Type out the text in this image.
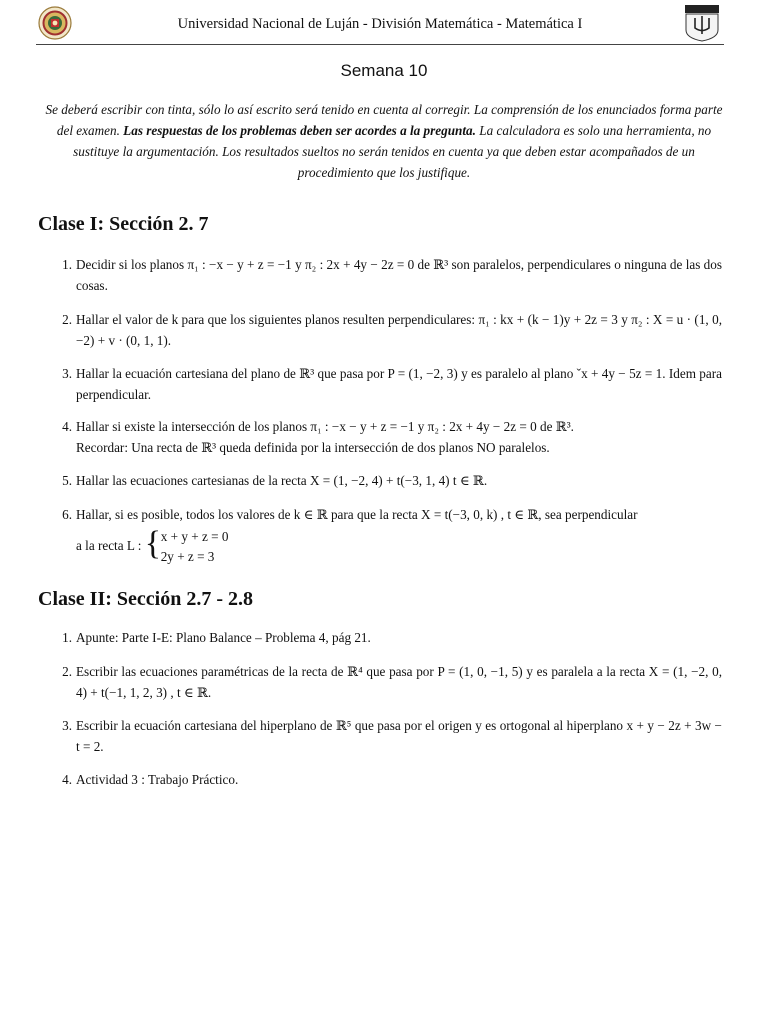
Universidad Nacional de Luján - División Matemática - Matemática I
Semana 10
Se deberá escribir con tinta, sólo lo así escrito será tenido en cuenta al corregir. La comprensión de los enunciados forma parte del examen. Las respuestas de los problemas deben ser acordes a la pregunta. La calculadora es solo una herramienta, no sustituye la argumentación. Los resultados sueltos no serán tenidos en cuenta ya que deben estar acompañados de un procedimiento que los justifique.
Clase I: Sección 2. 7
1. Decidir si los planos π₁ : −x − y + z = −1 y π₂ : 2x + 4y − 2z = 0 de ℝ³ son paralelos, perpendiculares o ninguna de las dos cosas.
2. Hallar el valor de k para que los siguientes planos resulten perpendiculares: π₁ : kx + (k − 1)y + 2z = 3 y π₂ : X = u · (1, 0, −2) + v · (0, 1, 1).
3. Hallar la ecuación cartesiana del plano de ℝ³ que pasa por P = (1, −2, 3) y es paralelo al plano ˇx + 4y − 5z = 1. Idem para perpendicular.
4. Hallar si existe la intersección de los planos π₁ : −x − y + z = −1 y π₂ : 2x + 4y − 2z = 0 de ℝ³.
Recordar: Una recta de ℝ³ queda definida por la intersección de dos planos NO paralelos.
5. Hallar las ecuaciones cartesianas de la recta X = (1, −2, 4) + t(−3, 1, 4) t ∈ ℝ.
6. Hallar, si es posible, todos los valores de k ∈ ℝ para que la recta X = t(−3, 0, k) , t ∈ ℝ, sea perpendicular
a la recta L : { x + y + z = 0
2y + z = 3
Clase II: Sección 2.7 - 2.8
1. Apunte: Parte I-E: Plano Balance – Problema 4, pág 21.
2. Escribir las ecuaciones paramétricas de la recta de ℝ⁴ que pasa por P = (1, 0, −1, 5) y es paralela a la recta X = (1, −2, 0, 4) + t(−1, 1, 2, 3) , t ∈ ℝ.
3. Escribir la ecuación cartesiana del hiperplano de ℝ⁵ que pasa por el origen y es ortogonal al hiperplano x + y − 2z + 3w − t = 2.
4. Actividad 3 : Trabajo Práctico.
